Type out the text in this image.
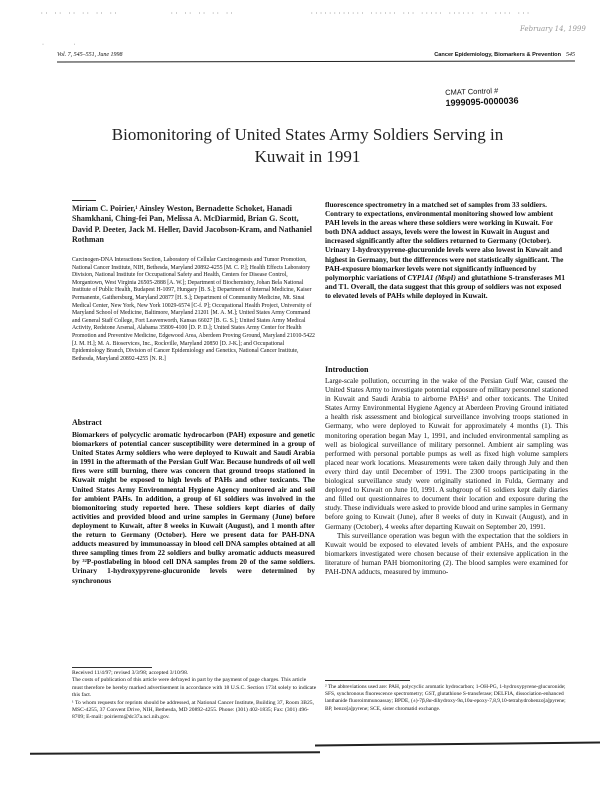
·· ·· ·· ·· ·· ··	·· ·· ·· ·· ··	············ ······ ··· ····· ······ ·· ···· ···
February 14, 1999
· ·
Vol. 7, 545–551, June 1998	Cancer Epidemiology, Biomarkers & Prevention 545
CMAT Control #
1999095-0000036
Biomonitoring of United States Army Soldiers Serving in Kuwait in 1991
Miriam C. Poirier,¹ Ainsley Weston, Bernadette Schoket, Hanadi Shamkhani, Ching-fei Pan, Melissa A. McDiarmid, Brian G. Scott, David P. Deeter, Jack M. Heller, David Jacobson-Kram, and Nathaniel Rothman
Carcinogen-DNA Interactions Section, Laboratory of Cellular Carcinogenesis and Tumor Promotion, National Cancer Institute, NIH, Bethesda, Maryland 20892-4255 [M. C. P.]; Health Effects Laboratory Division, National Institute for Occupational Safety and Health, Centers for Disease Control, Morgantown, West Virginia 26505-2888 [A. W.]; Department of Biochemistry, Johan Bela National Institute of Public Health, Budapest H-1097, Hungary [B. S.]; Department of Internal Medicine, Kaiser Permanente, Gaithersburg, Maryland 20877 [H. S.]; Department of Community Medicine, Mt. Sinai Medical Center, New York, New York 10029-6574 [C-f. P]; Occupational Health Project, University of Maryland School of Medicine, Baltimore, Maryland 21201 [M. A. M.]; United States Army Command and General Staff College, Fort Leavenworth, Kansas 66027 [B. G. S.]; United States Army Medical Activity, Redstone Arsenal, Alabama 35809-4100 [D. P. D.]; United States Army Center for Health Promotion and Preventive Medicine, Edgewood Area, Aberdeen Proving Ground, Maryland 21010-5422 [J. M. H.]; M. A. Bioservices, Inc., Rockville, Maryland 20850 [D. J-K.]; and Occupational Epidemiology Branch, Division of Cancer Epidemiology and Genetics, National Cancer Institute, Bethesda, Maryland 20892-4255 [N. R.]
Abstract
Biomarkers of polycyclic aromatic hydrocarbon (PAH) exposure and genetic biomarkers of potential cancer susceptibility were determined in a group of United States Army soldiers who were deployed to Kuwait and Saudi Arabia in 1991 in the aftermath of the Persian Gulf War. Because hundreds of oil well fires were still burning, there was concern that ground troops stationed in Kuwait might be exposed to high levels of PAHs and other toxicants. The United States Army Environmental Hygiene Agency monitored air and soil for ambient PAHs. In addition, a group of 61 soldiers was involved in the biomonitoring study reported here. These soldiers kept diaries of daily activities and provided blood and urine samples in Germany (June) before deployment to Kuwait, after 8 weeks in Kuwait (August), and 1 month after the return to Germany (October). Here we present data for PAH-DNA adducts measured by immunoassay in blood cell DNA samples obtained at all three sampling times from 22 soldiers and bulky aromatic adducts measured by ³²P-postlabeling in blood cell DNA samples from 20 of the same soldiers. Urinary 1-hydroxypyrene-glucuronide levels were determined by synchronous
fluorescence spectrometry in a matched set of samples from 33 soldiers. Contrary to expectations, environmental monitoring showed low ambient PAH levels in the areas where these soldiers were working in Kuwait. For both DNA adduct assays, levels were the lowest in Kuwait in August and increased significantly after the soldiers returned to Germany (October). Urinary 1-hydroxypyrene-glucuronide levels were also lowest in Kuwait and highest in Germany, but the differences were not statistically significant. The PAH-exposure biomarker levels were not significantly influenced by polymorphic variations of CYP1A1 (MspI) and glutathione S-transferases M1 and T1. Overall, the data suggest that this group of soldiers was not exposed to elevated levels of PAHs while deployed in Kuwait.
Introduction

Large-scale pollution, occurring in the wake of the Persian Gulf War, caused the United States Army to investigate potential exposure of military personnel stationed in Kuwait and Saudi Arabia to airborne PAHs² and other toxicants. The United States Army Environmental Hygiene Agency at Aberdeen Proving Ground initiated a health risk assessment and biological surveillance involving troops stationed in Germany, who were deployed to Kuwait for approximately 4 months (1). This monitoring operation began May 1, 1991, and included environmental sampling as well as biological surveillance of military personnel. Ambient air sampling was performed with personal portable pumps as well as fixed high volume samplers placed near work locations. Measurements were taken daily through July and then every third day until December of 1991. The 2300 troops participating in the biological surveillance study were originally stationed in Fulda, Germany and deployed to Kuwait on June 10, 1991. A subgroup of 61 soldiers kept daily diaries and filled out questionnaires to document their location and exposure during the study. These individuals were asked to provide blood and urine samples in Germany before going to Kuwait (June), after 8 weeks of duty in Kuwait (August), and in Germany (October), 4 weeks after departing Kuwait on September 20, 1991.

This surveillance operation was begun with the expectation that the soldiers in Kuwait would be exposed to elevated levels of ambient PAHs, and the exposure biomarkers investigated were chosen because of their extensive application in the literature of human PAH biomonitoring (2). The blood samples were examined for PAH-DNA adducts, measured by immuno-

Received 11/4/97; revised 3/3/98; accepted 3/10/98.

The costs of publication of this article were defrayed in part by the payment of page charges. This article must therefore be hereby marked advertisement in accordance with 18 U.S.C. Section 1734 solely to indicate this fact.

¹ To whom requests for reprints should be addressed, at National Cancer Institute, Building 37, Room 3B25, MSC-4255, 37 Convent Drive, NIH, Bethesda, MD 20892-4255. Phone: (301) 402-1835; Fax: (301) 496-8709; E-mail: poirierm@dc37a.nci.nih.gov.

² The abbreviations used are: PAH, polycyclic aromatic hydrocarbon; 1-OH-PG, 1-hydroxypyrene-glucuronide; SFS, synchronous fluorescence spectrometry; GST, glutathione S-transferase; DELFIA, dissociation-enhanced lanthanide fluoroimmunoassay; BPDE, (±)-7β,8α-dihydroxy-9α,10α-epoxy-7,8,9,10-tetrahydrobenzo[a]pyrene; BP, benzo[a]pyrene; SCE, sister chromatid exchange.
